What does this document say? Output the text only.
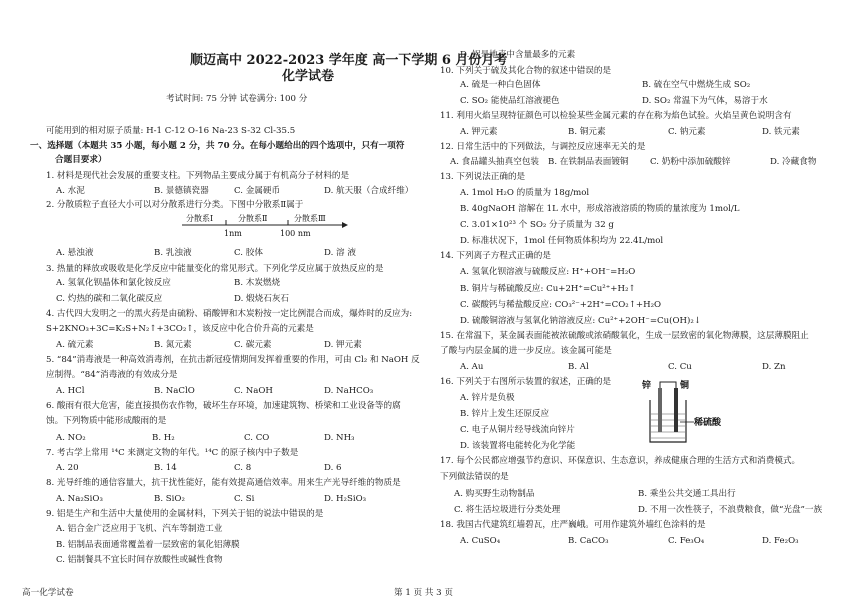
顺迈高中 2022-2023 学年度 高一下学期 6 月份月考
化学试卷
考试时间: 75 分钟 试卷满分: 100 分
可能用到的相对原子质量: H-1 C-12 O-16 Na-23 S-32 Cl-35.5
一、选择题（本题共 35 小题，每小题 2 分，共 70 分。在每小题给出的四个选项中，只有一项符
合题目要求）
1. 材料是现代社会发展的重要支柱。下列物品主要成分属于有机高分子材料的是
A. 水泥	B. 景德镇瓷器	C. 金属硬币	D. 航天服（合成纤维）
2. 分散质粒子直径大小可以对分散系进行分类。下图中分散系Ⅱ属于
A. 悬浊液	B. 乳浊液	C. 胶体	D. 溶 液
3. 热量的释放或吸收是化学反应中能量变化的常见形式。下列化学反应属于放热反应的是
A. 氢氧化钡晶体和氯化铵反应	B. 木炭燃烧
C. 灼热的碳和二氧化碳反应	D. 煅烧石灰石
4. 古代四大发明之一的黑火药是由硫粉、硝酸钾和木炭粉按一定比例混合而成，爆炸时的反应为:
S+2KNO₃+3C=K₂S+N₂↑+3CO₂↑，该反应中化合价升高的元素是
A. 硫元素	B. 氮元素	C. 碳元素	D. 钾元素
5. “84”消毒液是一种高效消毒剂，在抗击新冠疫情期间发挥着重要的作用，可由 Cl₂ 和 NaOH 反
应制得。“84”消毒液的有效成分是
A. HCl	B. NaClO	C. NaOH	D. NaHCO₃
6. 酸雨有很大危害，能直接损伤农作物，破坏生存环境，加速建筑物、桥梁和工业设备等的腐
蚀。下列物质中能形成酸雨的是
A. NO₂	B. H₂	C. CO	D. NH₃
7. 考古学上常用 ¹⁴C 来测定文物的年代。¹⁴C 的原子核内中子数是
A. 20	B. 14	C. 8	D. 6
8. 光导纤维的通信容量大，抗干扰性能好，能有效提高通信效率。用来生产光导纤维的物质是
A. Na₂SiO₃	B. SiO₂	C. Si	D. H₂SiO₃
9. 铝是生产和生活中大量使用的金属材料，下列关于铝的说法中错误的是
A. 铝合金广泛应用于飞机、汽车等制造工业
B. 铝制品表面通常覆盖着一层致密的氧化铝薄膜
C. 铝制餐具不宜长时间存放酸性或碱性食物
分散系Ⅰ	分散系Ⅱ	分散系Ⅲ
1nm	100 nm
D. 铝是地壳中含量最多的元素
10. 下列关于硫及其化合物的叙述中错误的是
A. 硫是一种白色固体	B. 硫在空气中燃烧生成 SO₂
C. SO₂ 能使品红溶液褪色	D. SO₂ 常温下为气体，易溶于水
11. 利用火焰呈现特征颜色可以检验某些金属元素的存在称为焰色试验。火焰呈黄色说明含有
A. 钾元素	B. 铜元素	C. 钠元素	D. 铁元素
12. 日常生活中的下列做法，与调控反应速率无关的是
A. 食品罐头抽真空包装 B. 在铁制品表面镀铜 C. 奶粉中添加硫酸锌	D. 冷藏食物
13. 下列说法正确的是
A. 1mol H₂O 的质量为 18g/mol
B. 40gNaOH 溶解在 1L 水中，形成溶液溶质的物质的量浓度为 1mol/L
C. 3.01×10²³ 个 SO₂ 分子质量为 32 g
D. 标准状况下，1mol 任何物质体积均为 22.4L/mol
14. 下列离子方程式正确的是
A. 氢氧化钡溶液与硫酸反应: H⁺+OH⁻=H₂O
B. 铜片与稀硫酸反应: Cu+2H⁺=Cu²⁺+H₂↑
C. 碳酸钙与稀盐酸反应: CO₃²⁻+2H⁺=CO₂↑+H₂O
D. 硫酸铜溶液与氢氧化钠溶液反应: Cu²⁺+2OH⁻=Cu(OH)₂↓
15. 在常温下，某金属表面能被浓硫酸或浓硝酸氧化，生成一层致密的氧化物薄膜，这层薄膜阻止
了酸与内层金属的进一步反应。该金属可能是
A. Au	B. Al	C. Cu	D. Zn
16. 下列关于右图所示装置的叙述，正确的是
A. 锌片是负极
B. 锌片上发生还原反应
C. 电子从铜片经导线流向锌片
D. 该装置将电能转化为化学能
17. 每个公民都应增强节约意识、环保意识、生态意识，养成健康合理的生活方式和消费模式。
下列做法错误的是
A. 购买野生动物制品	B. 乘坐公共交通工具出行
C. 将生活垃圾进行分类处理	D. 不用一次性筷子，不浪费粮食，做“光盘”一族
18. 我国古代建筑红墙碧瓦，庄严巍峨。可用作建筑外墙红色涂料的是
A. CuSO₄	B. CaCO₃	C. Fe₃O₄	D. Fe₂O₃
锌	铜
稀硫酸
高一化学试卷	第 1 页 共 3 页
